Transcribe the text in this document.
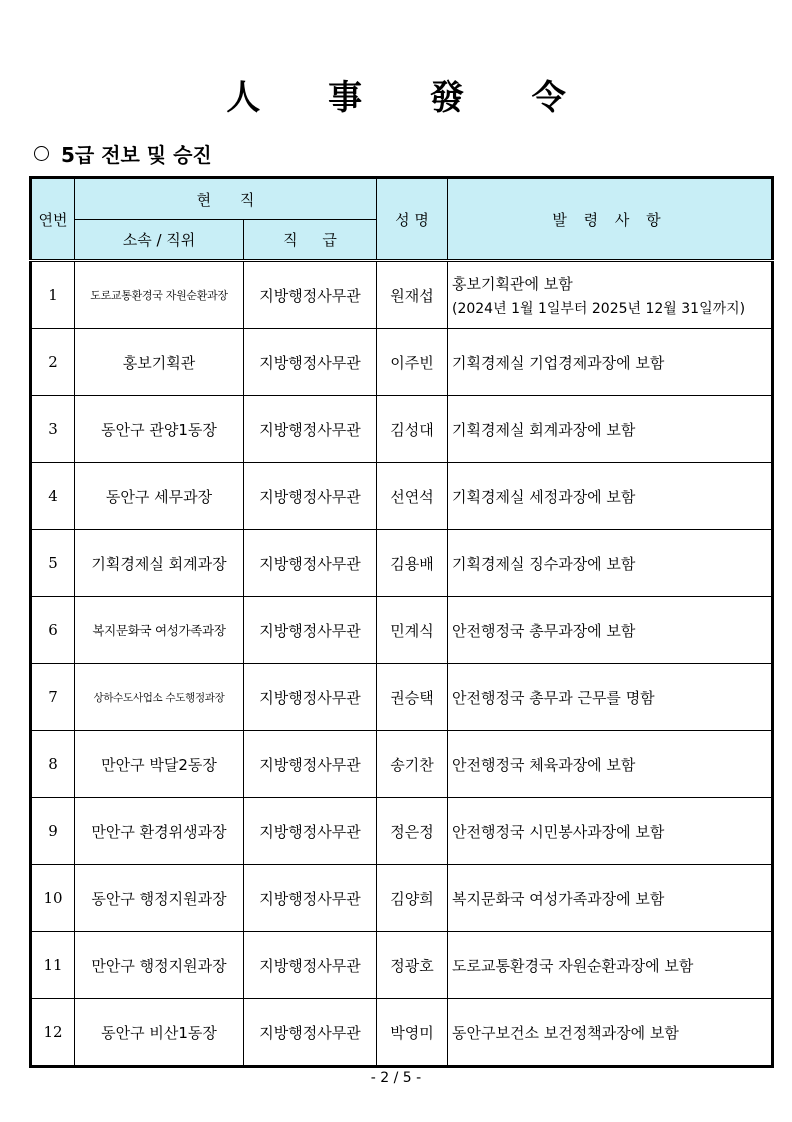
人 事 發 令
5급 전보 및 승진
연번	현 직		성 명	발 령 사 항
	소속 / 직위	직 급		
1	도로교통환경국 자원순환과장	지방행정사무관	원재섭	홍보기획관에 보함
(2024년 1월 1일부터 2025년 12월 31일까지)

2	홍보기획관	지방행정사무관	이주빈	기획경제실 기업경제과장에 보함
3	동안구 관양1동장	지방행정사무관	김성대	기획경제실 회계과장에 보함
4	동안구 세무과장	지방행정사무관	선연석	기획경제실 세정과장에 보함
5	기획경제실 회계과장	지방행정사무관	김용배	기획경제실 징수과장에 보함
6	복지문화국 여성가족과장	지방행정사무관	민계식	안전행정국 총무과장에 보함
7	상하수도사업소 수도행정과장	지방행정사무관	권승택	안전행정국 총무과 근무를 명함
8	만안구 박달2동장	지방행정사무관	송기찬	안전행정국 체육과장에 보함
9	만안구 환경위생과장	지방행정사무관	정은정	안전행정국 시민봉사과장에 보함
10	동안구 행정지원과장	지방행정사무관	김양희	복지문화국 여성가족과장에 보함
11	만안구 행정지원과장	지방행정사무관	정광호	도로교통환경국 자원순환과장에 보함
12	동안구 비산1동장	지방행정사무관	박영미	동안구보건소 보건정책과장에 보함
- 2 / 5 -
